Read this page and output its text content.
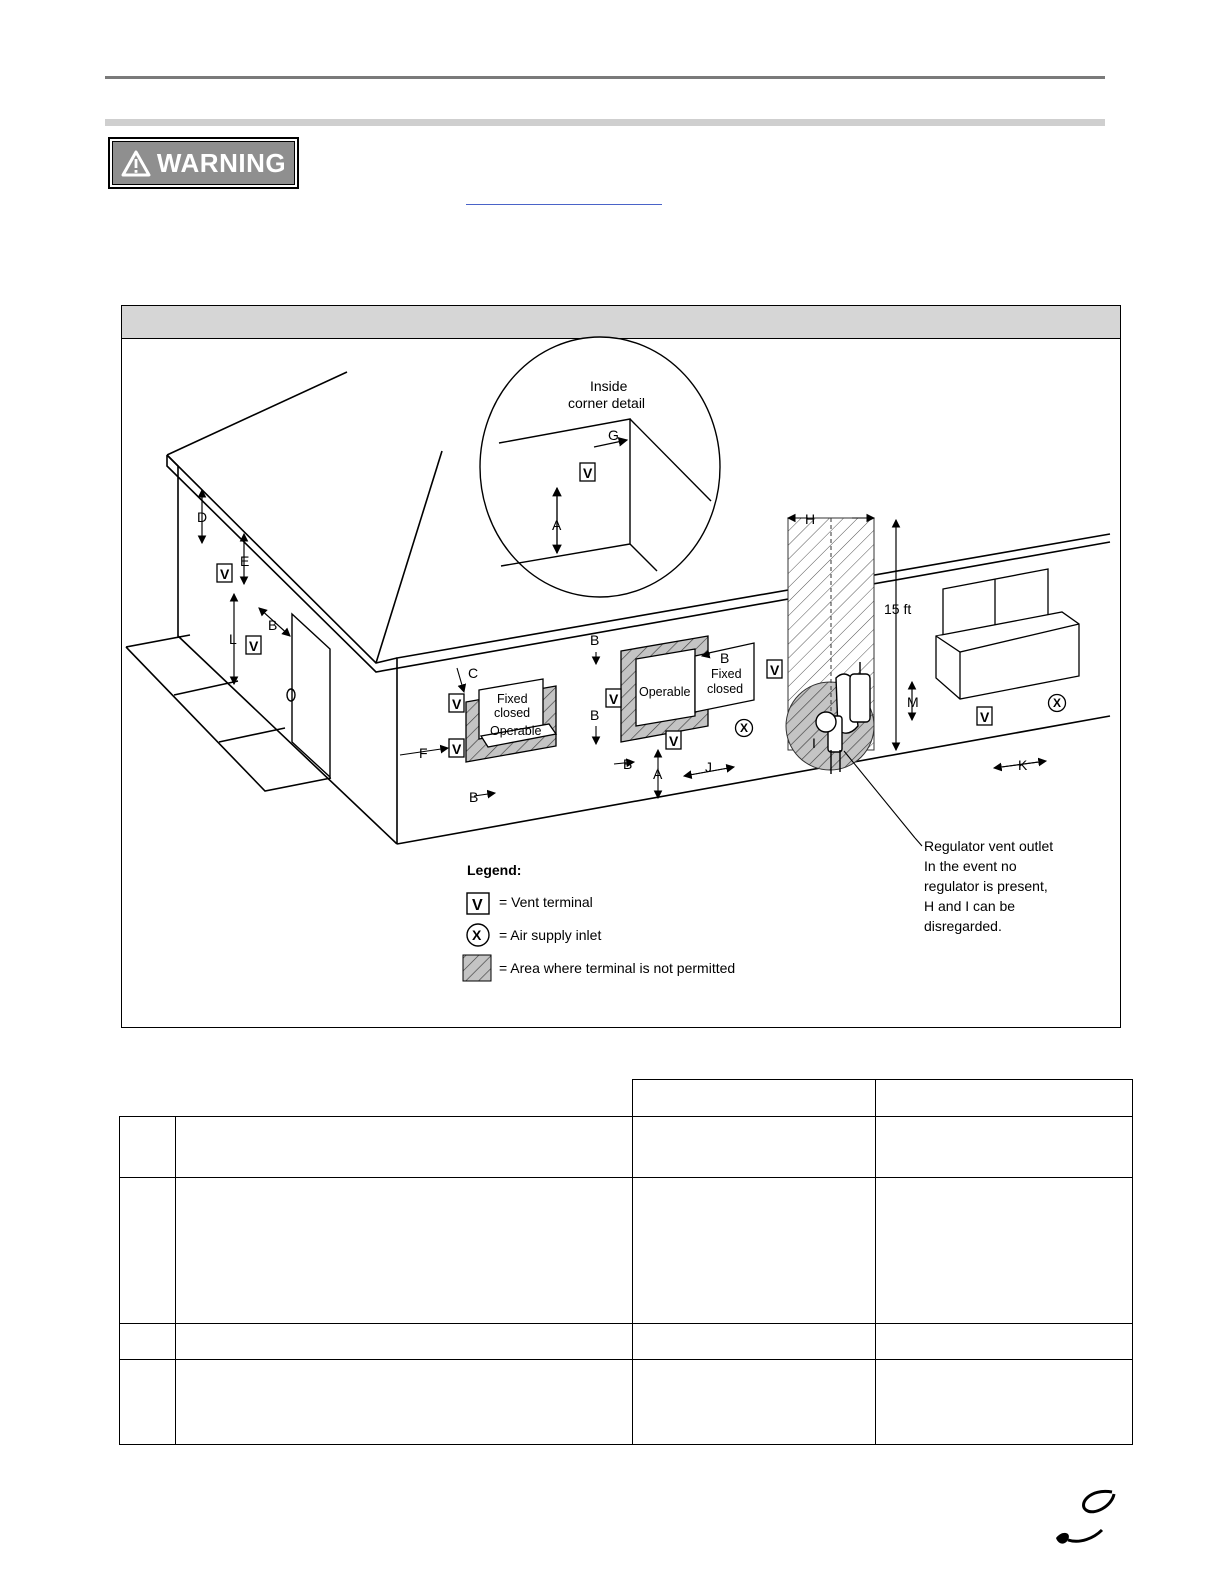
WARNING
Fixed
closed
Operable
Operable
Fixed
closed
Inside
corner detail
V
A
G
V
V
V
V
V
V
V
V
X
X
D
E
L
B
F
C
B
B
B
B
B
A	J
H
I
15 ft
M
K
Regulator vent outlet
In the event no
regulator is present,
H and I can be
disregarded.
Legend:
V = Vent terminal
X = Air supply inlet
= Area where terminal is not permitted
